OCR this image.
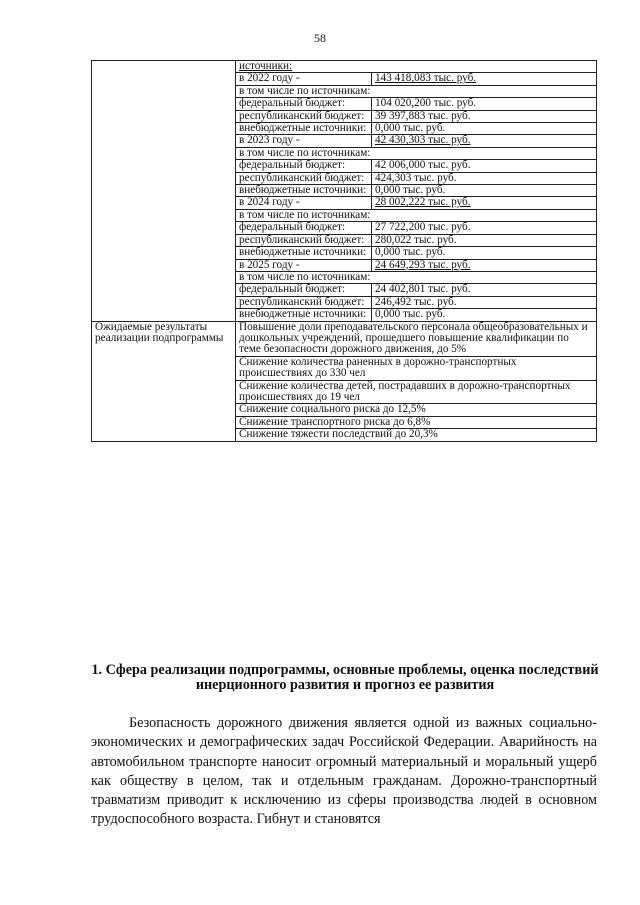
58
	источники:	
	в 2022 году -	143 418,083 тыс. руб.
	в том числе по источникам:	
	федеральный бюджет:	104 020,200 тыс. руб.
	республиканский бюджет:	39 397,883 тыс. руб.
	внебюджетные источники:	0,000 тыс. руб.
	в 2023 году -	42 430,303 тыс. руб.
	в том числе по источникам:	
	федеральный бюджет:	42 006,000 тыс. руб.
	республиканский бюджет:	424,303 тыс. руб.
	внебюджетные источники:	0,000 тыс. руб.
	в 2024 году -	28 002,222 тыс. руб.
	в том числе по источникам:	
	федеральный бюджет:	27 722,200 тыс. руб.
	республиканский бюджет:	280,022 тыс. руб.
	внебюджетные источники:	0,000 тыс. руб.
	в 2025 году -	24 649,293 тыс. руб.
	в том числе по источникам:	
	федеральный бюджет:	24 402,801 тыс. руб.
	республиканский бюджет:	246,492 тыс. руб.
	внебюджетные источники:	0,000 тыс. руб.
Ожидаемые результаты реализации подпрограммы	Повышение доли преподавательского персонала общеобразовательных и дошкольных учреждений, прошедшего повышение квалификации по теме безопасности дорожного движения, до 5%	
	Снижение количества раненных в дорожно-транспортных происшествиях до 330 чел	
	Снижение количества детей, пострадавших в дорожно-транспортных происшествиях до 19 чел	
	Снижение социального риска до 12,5%	
	Снижение транспортного риска до 6,8%	
	Снижение тяжести последствий до 20,3%	
1. Сфера реализации подпрограммы, основные проблемы, оценка последствий инерционного развития и прогноз ее развития

Безопасность дорожного движения является одной из важных социально-экономических и демографических задач Российской Федерации. Аварийность на автомобильном транспорте наносит огромный материальный и моральный ущерб как обществу в целом, так и отдельным гражданам. Дорожно-транспортный травматизм приводит к исключению из сферы производства людей в основном трудоспособного возраста. Гибнут и становятся
